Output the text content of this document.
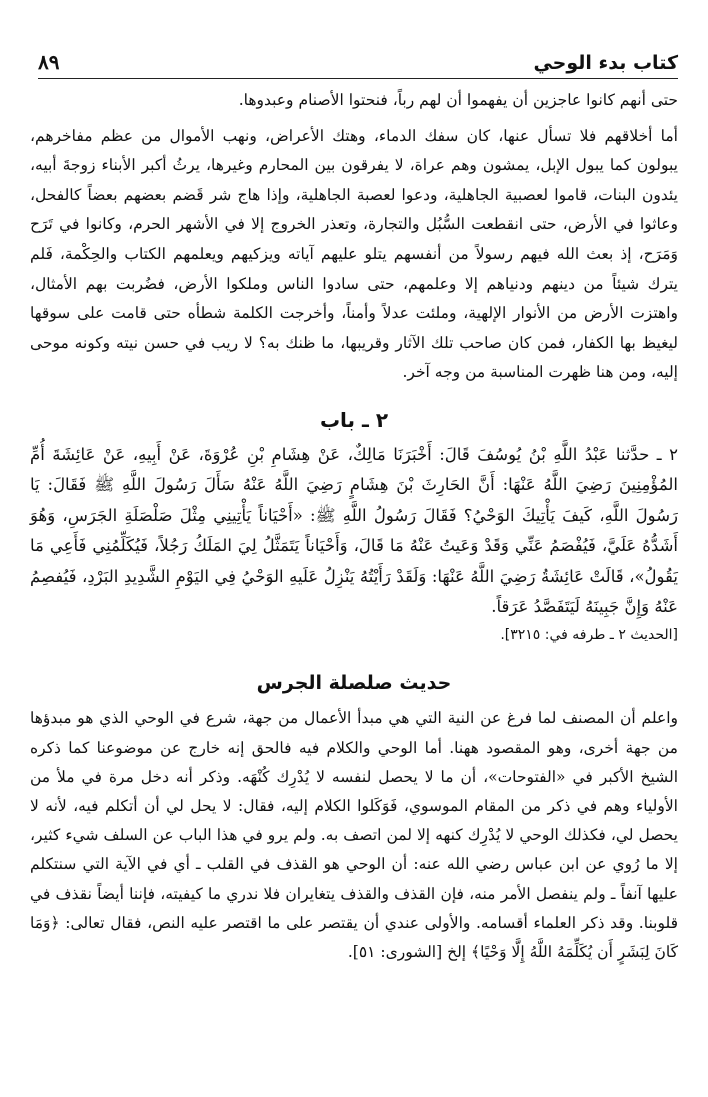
٨٩	كتاب بدء الوحي

حتى أنهم كانوا عاجزين أن يفهموا أن لهم رباً، فنحتوا الأصنام وعبدوها.

أما أخلاقهم فلا تسأل عنها، كان سفك الدماء، وهتك الأعراض، ونهب الأموال من عظم مفاخرهم، يبولون كما يبول الإبل، يمشون وهم عراة، لا يفرقون بين المحارم وغيرها، يرثُ أكبر الأبناء زوجةَ أبيه، يئدون البنات، قاموا لعصبية الجاهلية، ودعوا لعصبة الجاهلية، وإذا هاج شر قَضم بعضهم بعضاً كالفحل، وعاثوا في الأرض، حتى انقطعت السُّبُل والتجارة، وتعذر الخروج إلا في الأشهر الحرم، وكانوا في تَرَح وَمَرَح، إذ بعث الله فيهم رسولاً من أنفسهم يتلو عليهم آياته ويزكيهم ويعلمهم الكتاب والحِكْمة، فَلم يترك شيئاً من دينهم ودنياهم إلا وعلمهم، حتى سادوا الناس وملكوا الأرض، فضُربت بهم الأمثال، واهتزت الأرض من الأنوار الإلهية، وملئت عدلاً وأمناً، وأخرجت الكلمة شطأه حتى قامت على سوقها ليغيظ بها الكفار، فمن كان صاحب تلك الآثار وقريبها، ما ظنك به؟ لا ريب في حسن نيته وكونه موحى إليه، ومن هنا ظهرت المناسبة من وجه آخر.

٢ ـ باب

٢ ـ حدَّثنا عَبْدُ اللَّهِ بْنُ يُوسُفَ قَالَ: أَخْبَرَنَا مَالِكٌ، عَنْ هِشَامِ بْنِ عُرْوَةَ، عَنْ أَبِيهِ، عَنْ عَائِشَةَ أُمِّ المُؤْمِنِينَ رَضِيَ اللَّهُ عَنْهَا: أَنَّ الحَارِثَ بْنَ هِشَامٍ رَضِيَ اللَّهُ عَنْهُ سَأَلَ رَسُولَ اللَّهِ ﷺ فَقَالَ: يَا رَسُولَ اللَّهِ، كَيفَ يَأْتِيكَ الوَحْيُ؟ فَقَالَ رَسُولُ اللَّهِ ﷺ: «أَحْيَاناً يَأْتِينِي مِثْلَ صَلْصَلَةِ الجَرَسِ، وَهُوَ أَشَدُّهُ عَلَيَّ، فَيُفْصَمُ عَنِّي وَقَدْ وَعَيتُ عَنْهُ مَا قَالَ، وَأَحْيَاناً يَتَمَثَّلُ لِيَ المَلَكُ رَجُلاً، فَيُكَلِّمُنِي فَأَعِي مَا يَقُولُ»، قَالَتْ عَائِشَةُ رَضِيَ اللَّهُ عَنْهَا: وَلَقَدْ رَأَيْتُهُ يَنْزِلُ عَلَيهِ الوَحْيُ فِي اليَوْمِ الشَّدِيدِ البَرْدِ، فَيُفصِمُ عَنْهُ وَإِنَّ جَبِينَهُ لَيَتَفَصَّدُ عَرَقاً.

[الحديث ٢ ـ طرفه في: ٣٢١٥].

حديث صلصلة الجرس

واعلم أن المصنف لما فرغ عن النية التي هي مبدأ الأعمال من جهة، شرع في الوحي الذي هو مبدؤها من جهة أخرى، وهو المقصود ههنا. أما الوحي والكلام فيه فالحق إنه خارج عن موضوعنا كما ذكره الشيخ الأكبر في «الفتوحات»، أن ما لا يحصل لنفسه لا يُدْرِك كُنْهَه. وذكر أنه دخل مرة في ملأ من الأولياء وهم في ذكر من المقام الموسوي، فَوَكَلوا الكلام إليه، فقال: لا يحل لي أن أتكلم فيه، لأنه لا يحصل لي، فكذلك الوحي لا يُدْرِك كنهه إلا لمن اتصف به. ولم يرو في هذا الباب عن السلف شيء كثير، إلا ما رُوي عن ابن عباس رضي الله عنه: أن الوحي هو القذف في القلب ـ أي في الآية التي سنتكلم عليها آنفاً ـ ولم ينفصل الأمر منه، فإن القذف والقذف يتغايران فلا ندري ما كيفيته، فإننا أيضاً نقذف في قلوبنا. وقد ذكر العلماء أقسامه. والأولى عندي أن يقتصر على ما اقتصر عليه النص، فقال تعالى: ﴿وَمَا كَانَ لِبَشَرٍ أَن يُكَلِّمَهُ اللَّهُ إِلَّا وَحْيًا﴾ إلخ [الشورى: ٥١].
